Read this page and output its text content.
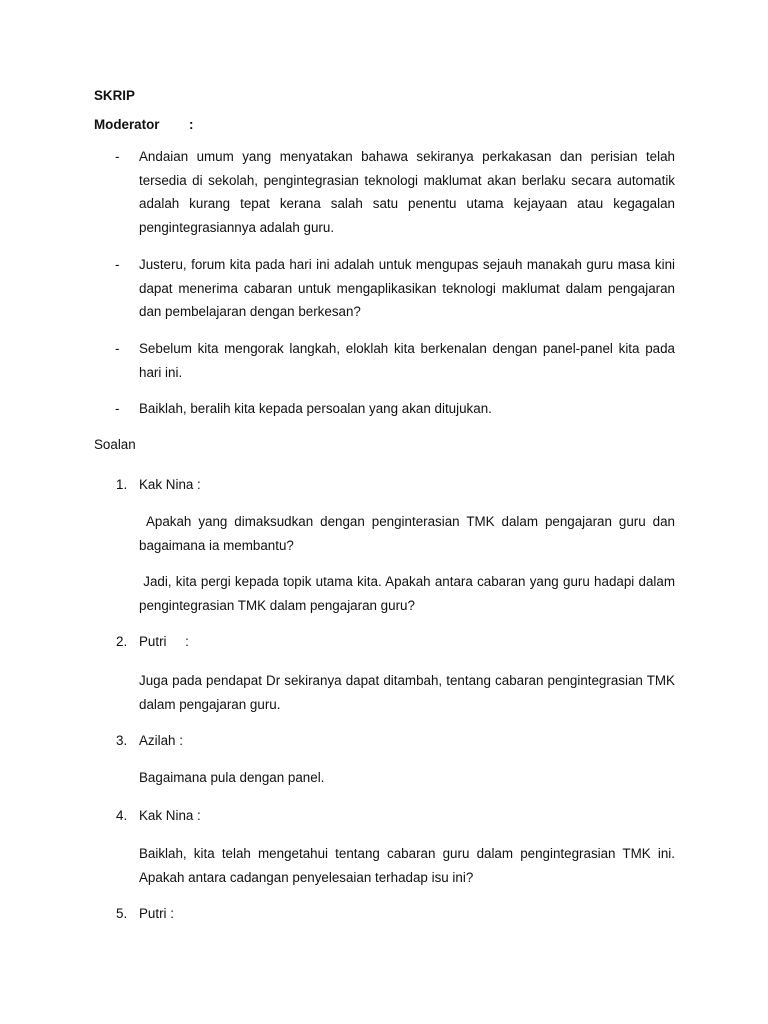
SKRIP
Moderator :
- Andaian umum yang menyatakan bahawa sekiranya perkakasan dan perisian telah tersedia di sekolah, pengintegrasian teknologi maklumat akan berlaku secara automatik adalah kurang tepat kerana salah satu penentu utama kejayaan atau kegagalan pengintegrasiannya adalah guru.
- Justeru, forum kita pada hari ini adalah untuk mengupas sejauh manakah guru masa kini dapat menerima cabaran untuk mengaplikasikan teknologi maklumat dalam pengajaran dan pembelajaran dengan berkesan?
- Sebelum kita mengorak langkah, eloklah kita berkenalan dengan panel-panel kita pada hari ini.
- Baiklah, beralih kita kepada persoalan yang akan ditujukan.
Soalan
1. Kak Nina :
Apakah yang dimaksudkan dengan penginterasian TMK dalam pengajaran guru dan bagaimana ia membantu?
Jadi, kita pergi kepada topik utama kita. Apakah antara cabaran yang guru hadapi dalam pengintegrasian TMK dalam pengajaran guru?
2. Putri     :
Juga pada pendapat Dr sekiranya dapat ditambah, tentang cabaran pengintegrasian TMK dalam pengajaran guru.
3. Azilah :
Bagaimana pula dengan panel.
4. Kak Nina :
Baiklah, kita telah mengetahui tentang cabaran guru dalam pengintegrasian TMK ini. Apakah antara cadangan penyelesaian terhadap isu ini?
5. Putri :
